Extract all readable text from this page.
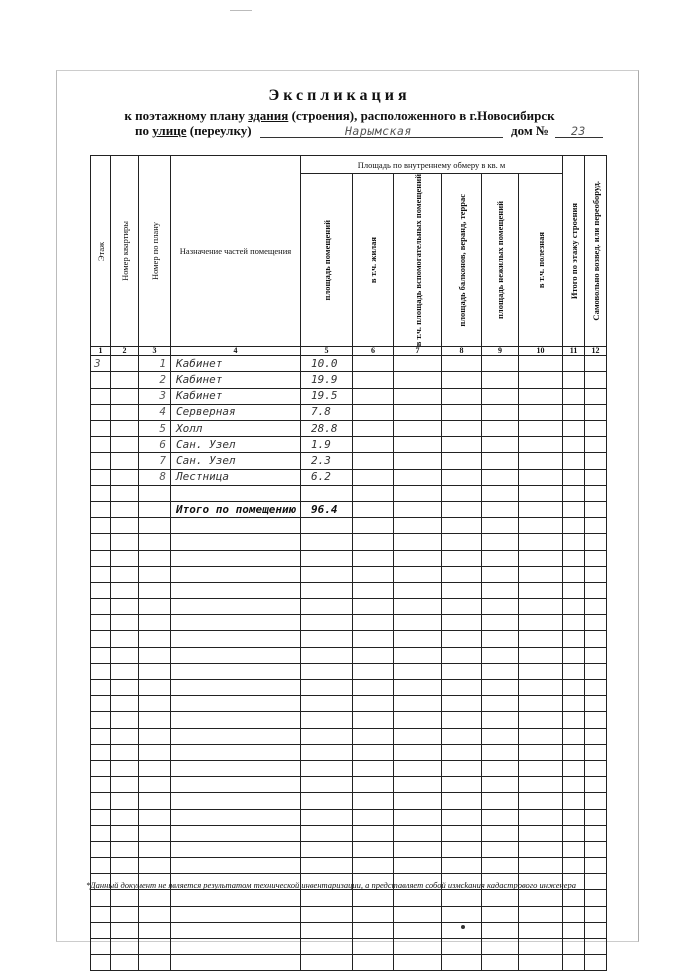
Экспликация
к поэтажному плану здания (строения), расположенного в г.Новосибирск
по улице (переулку)	Нарымская	дом № 23
Этаж	Номер квартиры	Номер по плану	Назначение частей помещения	Площадь по внутреннему обмеру в кв. м						Итого по этажу строения	Самовольно возвед. или переоборуд.

				площадь помещений	в т.ч. жилая	в т.ч. площадь вспомогательных помещений	площадь балконов, веранд, террас	площадь нежилых помещений	в т.ч. полезная		

1	2	3	4	5	6	7	8	9	10	11	12
3		1	Кабинет	10.0							
		2	Кабинет	19.9							
		3	Кабинет	19.5							
		4	Серверная	7.8							
		5	Холл	28.8							
		6	Сан. Узел	1.9							
		7	Сан. Узел	2.3							
		8	Лестница	6.2							

			Итого по помещению	96.4							

*Данный документ не является результатом технической инвентаризации, а представляет собой измсkания кадастрового инженера
